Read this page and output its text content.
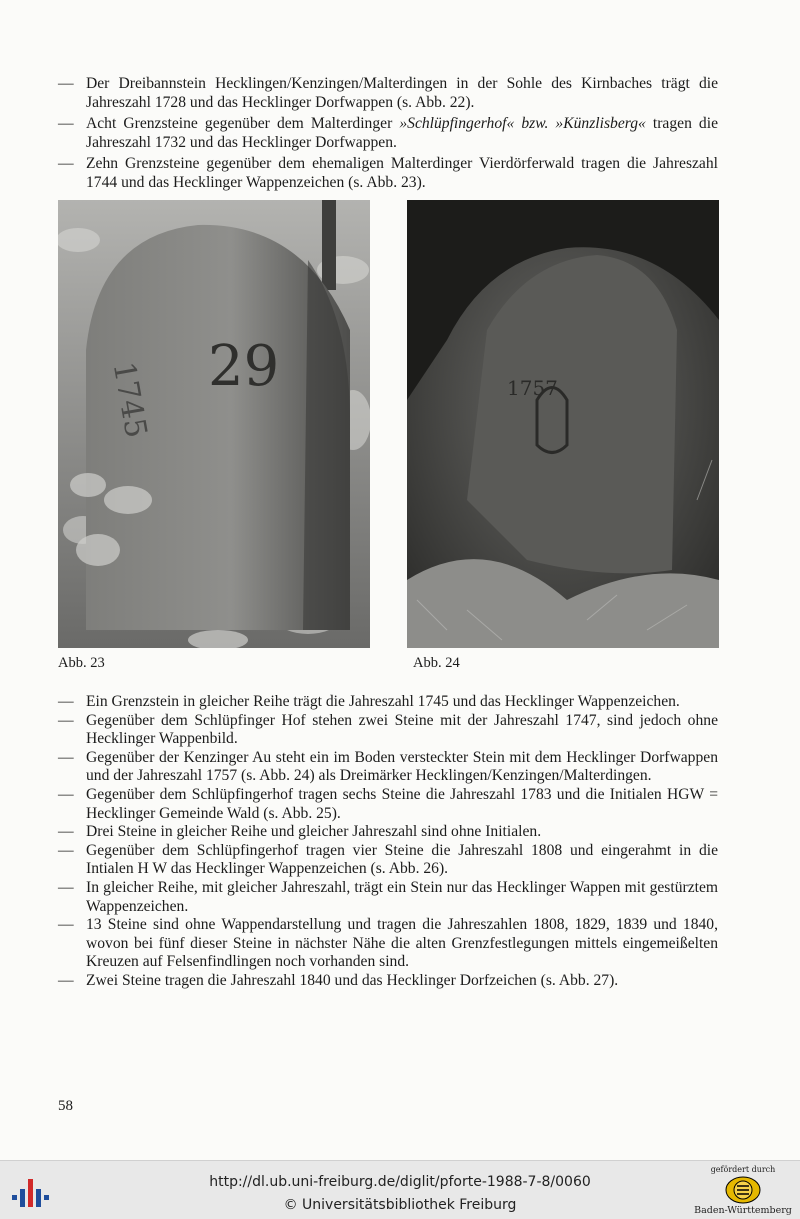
— Der Dreibannstein Hecklingen/Kenzingen/Malterdingen in der Sohle des Kirnbaches trägt die Jahreszahl 1728 und das Hecklinger Dorfwappen (s. Abb. 22).
— Acht Grenzsteine gegenüber dem Malterdinger »Schlüpfingerhof« bzw. »Künzlisberg« tragen die Jahreszahl 1732 und das Hecklinger Dorfwappen.
— Zehn Grenzsteine gegenüber dem ehemaligen Malterdinger Vierdörferwald tragen die Jahreszahl 1744 und das Hecklinger Wappenzeichen (s. Abb. 23).
1745 29
Abb. 23
1757
Abb. 24
— Ein Grenzstein in gleicher Reihe trägt die Jahreszahl 1745 und das Hecklinger Wappenzeichen.
— Gegenüber dem Schlüpfinger Hof stehen zwei Steine mit der Jahreszahl 1747, sind jedoch ohne Hecklinger Wappenbild.
— Gegenüber der Kenzinger Au steht ein im Boden versteckter Stein mit dem Hecklinger Dorfwappen und der Jahreszahl 1757 (s. Abb. 24) als Dreimärker Hecklingen/Kenzingen/Malterdingen.
— Gegenüber dem Schlüpfingerhof tragen sechs Steine die Jahreszahl 1783 und die Initialen HGW = Hecklinger Gemeinde Wald (s. Abb. 25).
— Drei Steine in gleicher Reihe und gleicher Jahreszahl sind ohne Initialen.
— Gegenüber dem Schlüpfingerhof tragen vier Steine die Jahreszahl 1808 und eingerahmt in die Intialen H W das Hecklinger Wappenzeichen (s. Abb. 26).
— In gleicher Reihe, mit gleicher Jahreszahl, trägt ein Stein nur das Hecklinger Wappen mit gestürztem Wappenzeichen.
— 13 Steine sind ohne Wappendarstellung und tragen die Jahreszahlen 1808, 1829, 1839 und 1840, wovon bei fünf dieser Steine in nächster Nähe die alten Grenzfestlegungen mittels eingemeißelten Kreuzen auf Felsenfindlingen noch vorhanden sind.
— Zwei Steine tragen die Jahreszahl 1840 und das Hecklinger Dorfzeichen (s. Abb. 27).
58
http://dl.ub.uni-freiburg.de/diglit/pforte-1988-7-8/0060
© Universitätsbibliothek Freiburg
gefördert durch
Baden-Württemberg
